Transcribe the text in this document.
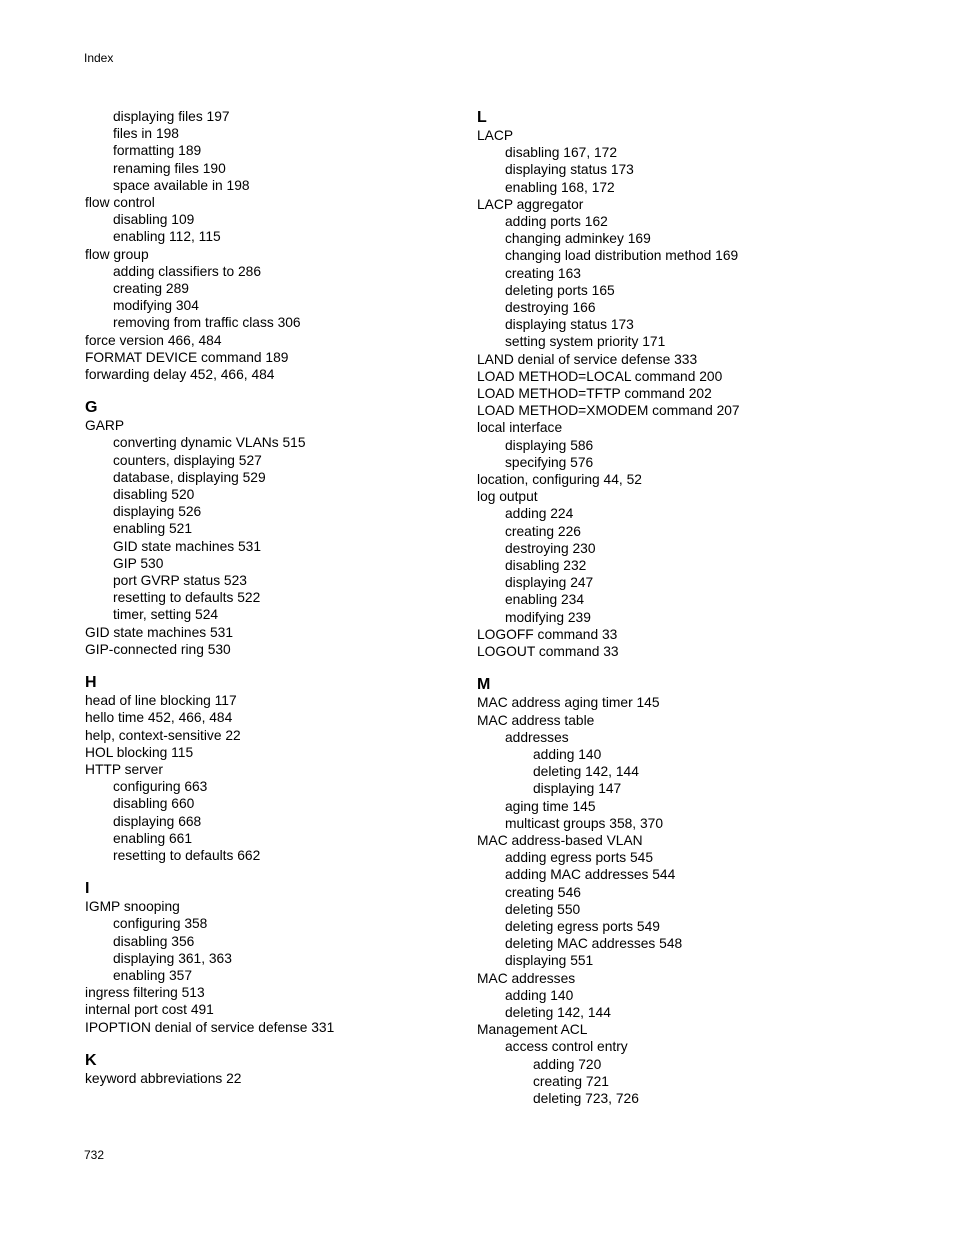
Index
displaying files 197
files in 198
formatting 189
renaming files 190
space available in 198
flow control
disabling 109
enabling 112, 115
flow group
adding classifiers to 286
creating 289
modifying 304
removing from traffic class 306
force version 466, 484
FORMAT DEVICE command 189
forwarding delay 452, 466, 484
G
GARP
converting dynamic VLANs 515
counters, displaying 527
database, displaying 529
disabling 520
displaying 526
enabling 521
GID state machines 531
GIP 530
port GVRP status 523
resetting to defaults 522
timer, setting 524
GID state machines 531
GIP-connected ring 530
H
head of line blocking 117
hello time 452, 466, 484
help, context-sensitive 22
HOL blocking 115
HTTP server
configuring 663
disabling 660
displaying 668
enabling 661
resetting to defaults 662
I
IGMP snooping
configuring 358
disabling 356
displaying 361, 363
enabling 357
ingress filtering 513
internal port cost 491
IPOPTION denial of service defense 331
K
keyword abbreviations 22
L
LACP
disabling 167, 172
displaying status 173
enabling 168, 172
LACP aggregator
adding ports 162
changing adminkey 169
changing load distribution method 169
creating 163
deleting ports 165
destroying 166
displaying status 173
setting system priority 171
LAND denial of service defense 333
LOAD METHOD=LOCAL command 200
LOAD METHOD=TFTP command 202
LOAD METHOD=XMODEM command 207
local interface
displaying 586
specifying 576
location, configuring 44, 52
log output
adding 224
creating 226
destroying 230
disabling 232
displaying 247
enabling 234
modifying 239
LOGOFF command 33
LOGOUT command 33
M
MAC address aging timer 145
MAC address table
addresses
adding 140
deleting 142, 144
displaying 147
aging time 145
multicast groups 358, 370
MAC address-based VLAN
adding egress ports 545
adding MAC addresses 544
creating 546
deleting 550
deleting egress ports 549
deleting MAC addresses 548
displaying 551
MAC addresses
adding 140
deleting 142, 144
Management ACL
access control entry
adding 720
creating 721
deleting 723, 726
732
